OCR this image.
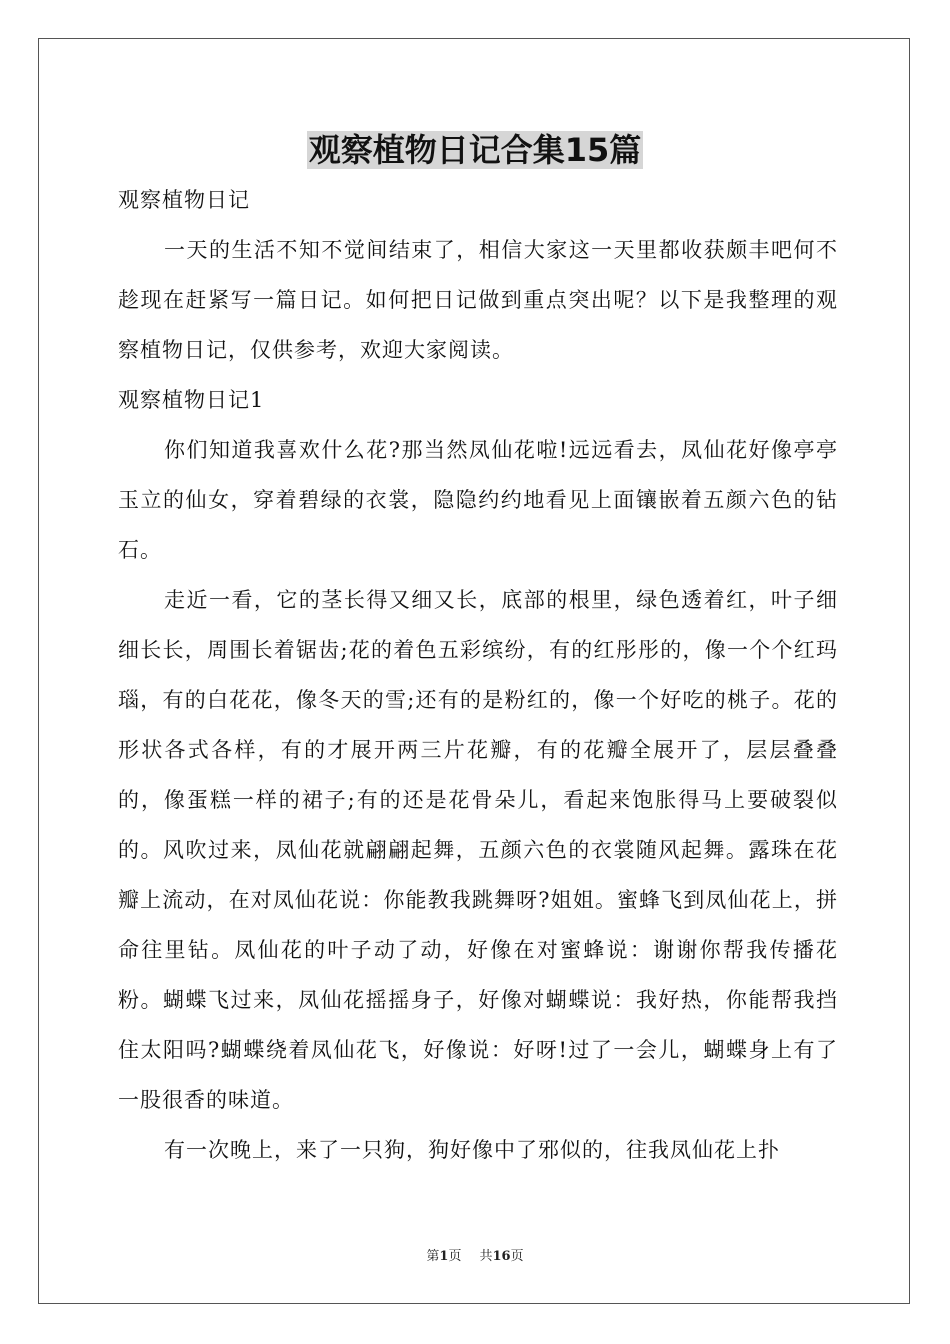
观察植物日记合集15篇

观察植物日记

一天的生活不知不觉间结束了，相信大家这一天里都收获颇丰吧何不趁现在赶紧写一篇日记。如何把日记做到重点突出呢？以下是我整理的观察植物日记，仅供参考，欢迎大家阅读。

观察植物日记1

你们知道我喜欢什么花?那当然凤仙花啦!远远看去，凤仙花好像亭亭玉立的仙女，穿着碧绿的衣裳，隐隐约约地看见上面镶嵌着五颜六色的钻石。

走近一看，它的茎长得又细又长，底部的根里，绿色透着红，叶子细细长长，周围长着锯齿;花的着色五彩缤纷，有的红彤彤的，像一个个红玛瑙，有的白花花，像冬天的雪;还有的是粉红的，像一个好吃的桃子。花的形状各式各样，有的才展开两三片花瓣，有的花瓣全展开了，层层叠叠的，像蛋糕一样的裙子;有的还是花骨朵儿，看起来饱胀得马上要破裂似的。风吹过来，凤仙花就翩翩起舞，五颜六色的衣裳随风起舞。露珠在花瓣上流动，在对凤仙花说：你能教我跳舞呀?姐姐。蜜蜂飞到凤仙花上，拼命往里钻。凤仙花的叶子动了动，好像在对蜜蜂说：谢谢你帮我传播花粉。蝴蝶飞过来，凤仙花摇摇身子，好像对蝴蝶说：我好热，你能帮我挡住太阳吗?蝴蝶绕着凤仙花飞，好像说：好呀!过了一会儿，蝴蝶身上有了一股很香的味道。

有一次晚上，来了一只狗，狗好像中了邪似的，往我凤仙花上扑

第1页 共16页
